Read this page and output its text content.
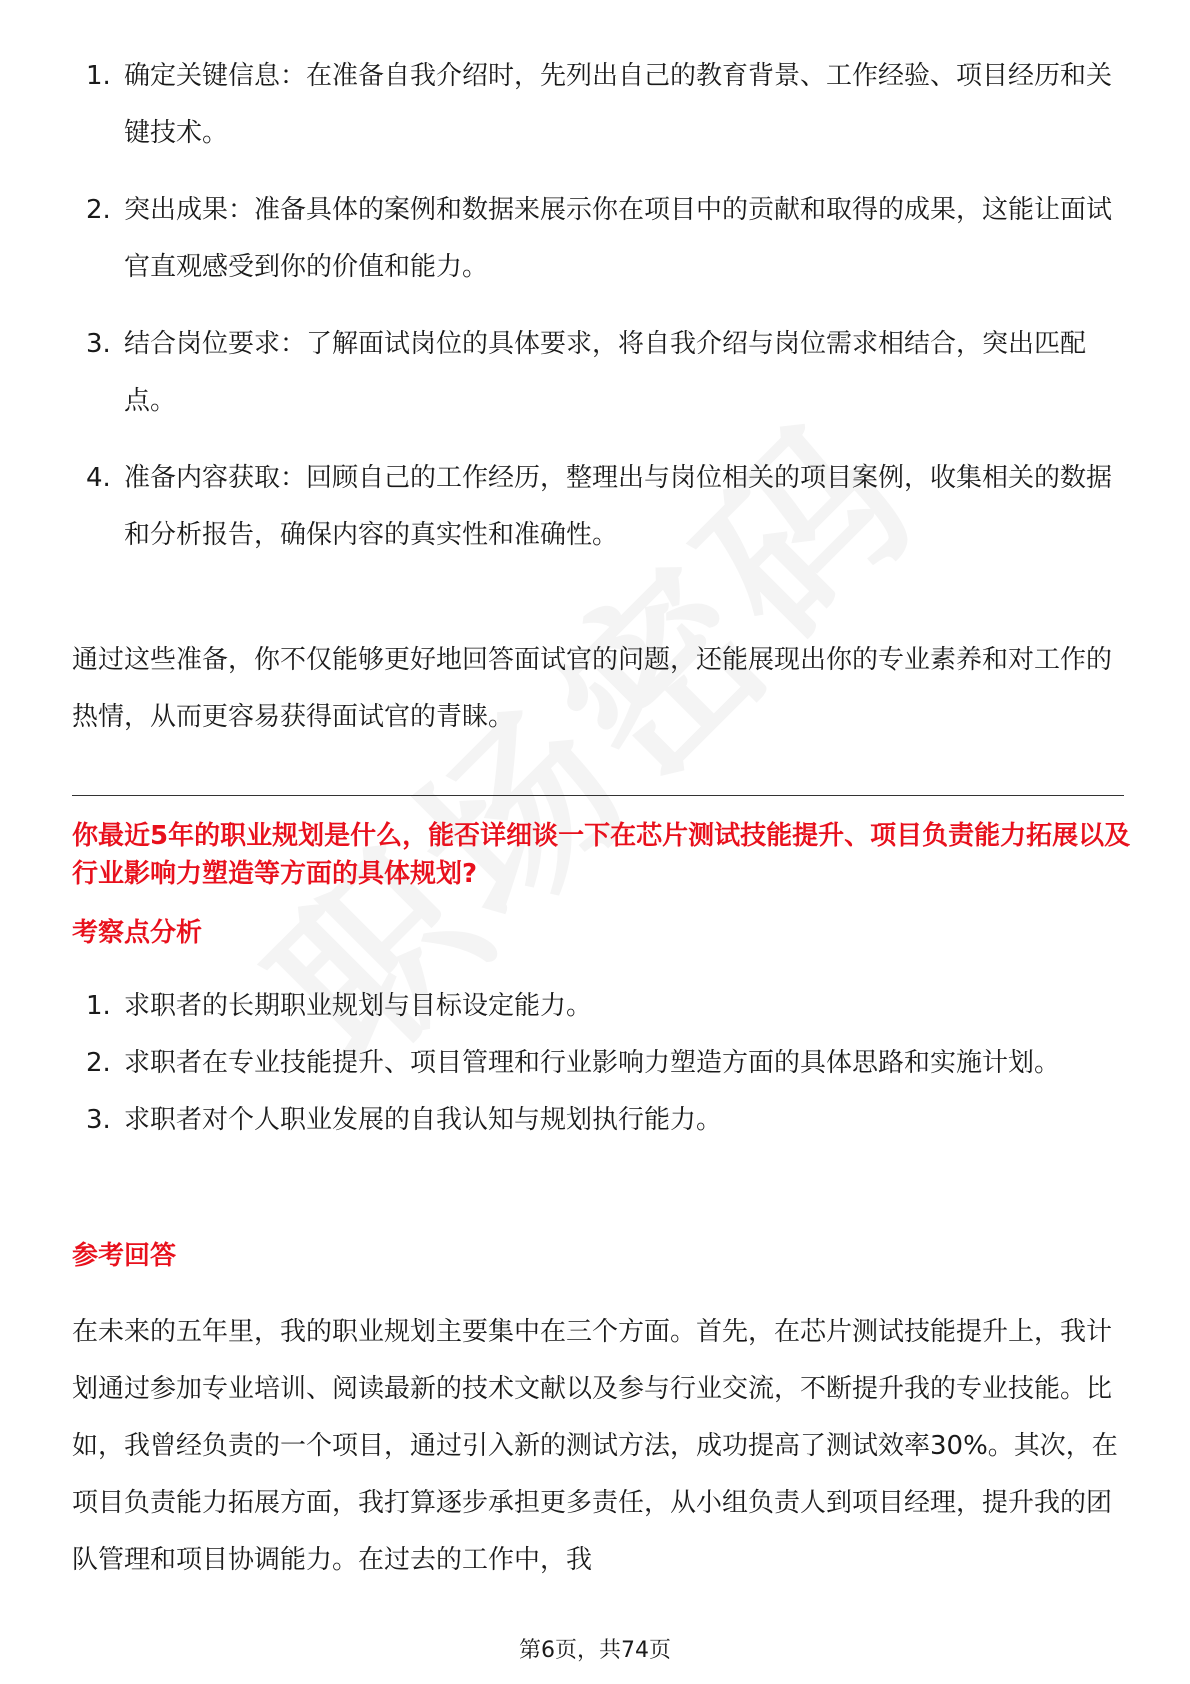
1. 确定关键信息：在准备自我介绍时，先列出自己的教育背景、工作经验、项目经历和关键技术。
2. 突出成果：准备具体的案例和数据来展示你在项目中的贡献和取得的成果，这能让面试官直观感受到你的价值和能力。
3. 结合岗位要求：了解面试岗位的具体要求，将自我介绍与岗位需求相结合，突出匹配点。
4. 准备内容获取：回顾自己的工作经历，整理出与岗位相关的项目案例，收集相关的数据和分析报告，确保内容的真实性和准确性。

通过这些准备，你不仅能够更好地回答面试官的问题，还能展现出你的专业素养和对工作的热情，从而更容易获得面试官的青睐。

你最近5年的职业规划是什么，能否详细谈一下在芯片测试技能提升、项目负责能力拓展以及行业影响力塑造等方面的具体规划?

考察点分析
1. 求职者的长期职业规划与目标设定能力。
2. 求职者在专业技能提升、项目管理和行业影响力塑造方面的具体思路和实施计划。
3. 求职者对个人职业发展的自我认知与规划执行能力。
参考回答

在未来的五年里，我的职业规划主要集中在三个方面。首先，在芯片测试技能提升上，我计划通过参加专业培训、阅读最新的技术文献以及参与行业交流，不断提升我的专业技能。比如，我曾经负责的一个项目，通过引入新的测试方法，成功提高了测试效率30%。其次，在项目负责能力拓展方面，我打算逐步承担更多责任，从小组负责人到项目经理，提升我的团队管理和项目协调能力。在过去的工作中，我

第6页，共74页
